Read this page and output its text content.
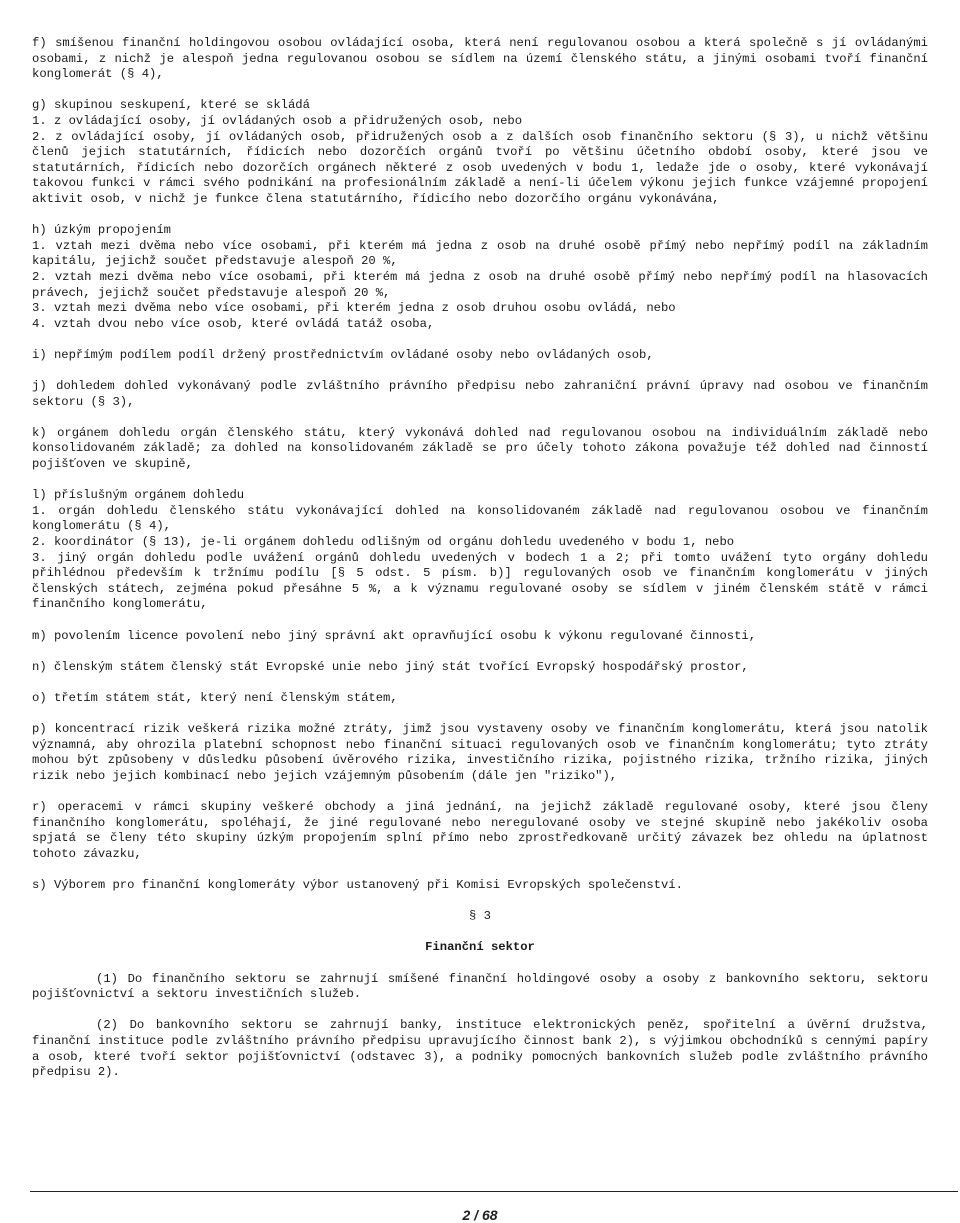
f) smíšenou finanční holdingovou osobou ovládající osoba, která není regulovanou osobou a která společně s jí ovládanými osobami, z nichž je alespoň jedna regulovanou osobou se sídlem na území členského státu, a jinými osobami tvoří finanční konglomerát (§ 4),
g) skupinou seskupení, které se skládá
1. z ovládající osoby, jí ovládaných osob a přidružených osob, nebo
2. z ovládající osoby, jí ovládaných osob, přidružených osob a z dalších osob finančního sektoru (§ 3), u nichž většinu členů jejich statutárních, řídicích nebo dozorčích orgánů tvoří po většinu účetního období osoby, které jsou ve statutárních, řídicích nebo dozorčích orgánech některé z osob uvedených v bodu 1, ledaže jde o osoby, které vykonávají takovou funkci v rámci svého podnikání na profesionálním základě a není-li účelem výkonu jejich funkce vzájemné propojení aktivit osob, v nichž je funkce člena statutárního, řídicího nebo dozorčího orgánu vykonávána,
h) úzkým propojením
1. vztah mezi dvěma nebo více osobami, při kterém má jedna z osob na druhé osobě přímý nebo nepřímý podíl na základním kapitálu, jejichž součet představuje alespoň 20 %,
2. vztah mezi dvěma nebo více osobami, při kterém má jedna z osob na druhé osobě přímý nebo nepřímý podíl na hlasovacích právech, jejichž součet představuje alespoň 20 %,
3. vztah mezi dvěma nebo více osobami, při kterém jedna z osob druhou osobu ovládá, nebo
4. vztah dvou nebo více osob, které ovládá tatáž osoba,
i) nepřímým podílem podíl držený prostřednictvím ovládané osoby nebo ovládaných osob,
j) dohledem dohled vykonávaný podle zvláštního právního předpisu nebo zahraniční právní úpravy nad osobou ve finančním sektoru (§ 3),
k) orgánem dohledu orgán členského státu, který vykonává dohled nad regulovanou osobou na individuálním základě nebo konsolidovaném základě; za dohled na konsolidovaném základě se pro účely tohoto zákona považuje též dohled nad činností pojišťoven ve skupině,
l) příslušným orgánem dohledu
1. orgán dohledu členského státu vykonávající dohled na konsolidovaném základě nad regulovanou osobou ve finančním konglomerátu (§ 4),
2. koordinátor (§ 13), je-li orgánem dohledu odlišným od orgánu dohledu uvedeného v bodu 1, nebo
3. jiný orgán dohledu podle uvážení orgánů dohledu uvedených v bodech 1 a 2; při tomto uvážení tyto orgány dohledu přihlédnou především k tržnímu podílu [§ 5 odst. 5 písm. b)] regulovaných osob ve finančním konglomerátu v jiných členských státech, zejména pokud přesáhne 5 %, a k významu regulované osoby se sídlem v jiném členském státě v rámci finančního konglomerátu,
m) povolením licence povolení nebo jiný správní akt opravňující osobu k výkonu regulované činnosti,
n) členským státem členský stát Evropské unie nebo jiný stát tvořící Evropský hospodářský prostor,
o) třetím státem stát, který není členským státem,
p) koncentrací rizik veškerá rizika možné ztráty, jimž jsou vystaveny osoby ve finančním konglomerátu, která jsou natolik významná, aby ohrozila platební schopnost nebo finanční situaci regulovaných osob ve finančním konglomerátu; tyto ztráty mohou být způsobeny v důsledku působení úvěrového rizika, investičního rizika, pojistného rizika, tržního rizika, jiných rizik nebo jejich kombinací nebo jejich vzájemným působením (dále jen "riziko"),
r) operacemi v rámci skupiny veškeré obchody a jiná jednání, na jejichž základě regulované osoby, které jsou členy finančního konglomerátu, spoléhají, že jiné regulované nebo neregulované osoby ve stejné skupině nebo jakékoliv osoba spjatá se členy této skupiny úzkým propojením splní přímo nebo zprostředkovaně určitý závazek bez ohledu na úplatnost tohoto závazku,
s) Výborem pro finanční konglomeráty výbor ustanovený při Komisi Evropských společenství.
§ 3
Finanční sektor

(1) Do finančního sektoru se zahrnují smíšené finanční holdingové osoby a osoby z bankovního sektoru, sektoru pojišťovnictví a sektoru investičních služeb.

(2) Do bankovního sektoru se zahrnují banky, instituce elektronických peněz, spořitelní a úvěrní družstva, finanční instituce podle zvláštního právního předpisu upravujícího činnost bank 2), s výjimkou obchodníků s cennými papíry a osob, které tvoří sektor pojišťovnictví (odstavec 3), a podniky pomocných bankovních služeb podle zvláštního právního předpisu 2).

2 / 68
